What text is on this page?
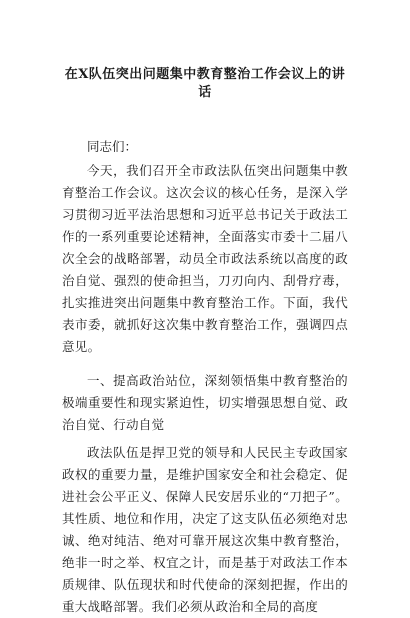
在X队伍突出问题集中教育整治工作会议上的讲话

同志们：

今天，我们召开全市政法队伍突出问题集中教育整治工作会议。这次会议的核心任务，是深入学习贯彻习近平法治思想和习近平总书记关于政法工作的一系列重要论述精神，全面落实市委十二届八次全会的战略部署，动员全市政法系统以高度的政治自觉、强烈的使命担当，刀刃向内、刮骨疗毒，扎实推进突出问题集中教育整治工作。下面，我代表市委，就抓好这次集中教育整治工作，强调四点意见。

一、提高政治站位，深刻领悟集中教育整治的极端重要性和现实紧迫性，切实增强思想自觉、政治自觉、行动自觉

政法队伍是捍卫党的领导和人民民主专政国家政权的重要力量，是维护国家安全和社会稳定、促进社会公平正义、保障人民安居乐业的“刀把子”。其性质、地位和作用，决定了这支队伍必须绝对忠诚、绝对纯洁、绝对可靠开展这次集中教育整治，绝非一时之举、权宜之计，而是基于对政法工作本质规律、队伍现状和时代使命的深刻把握，作出的重大战略部署。我们必须从政治和全局的高度
